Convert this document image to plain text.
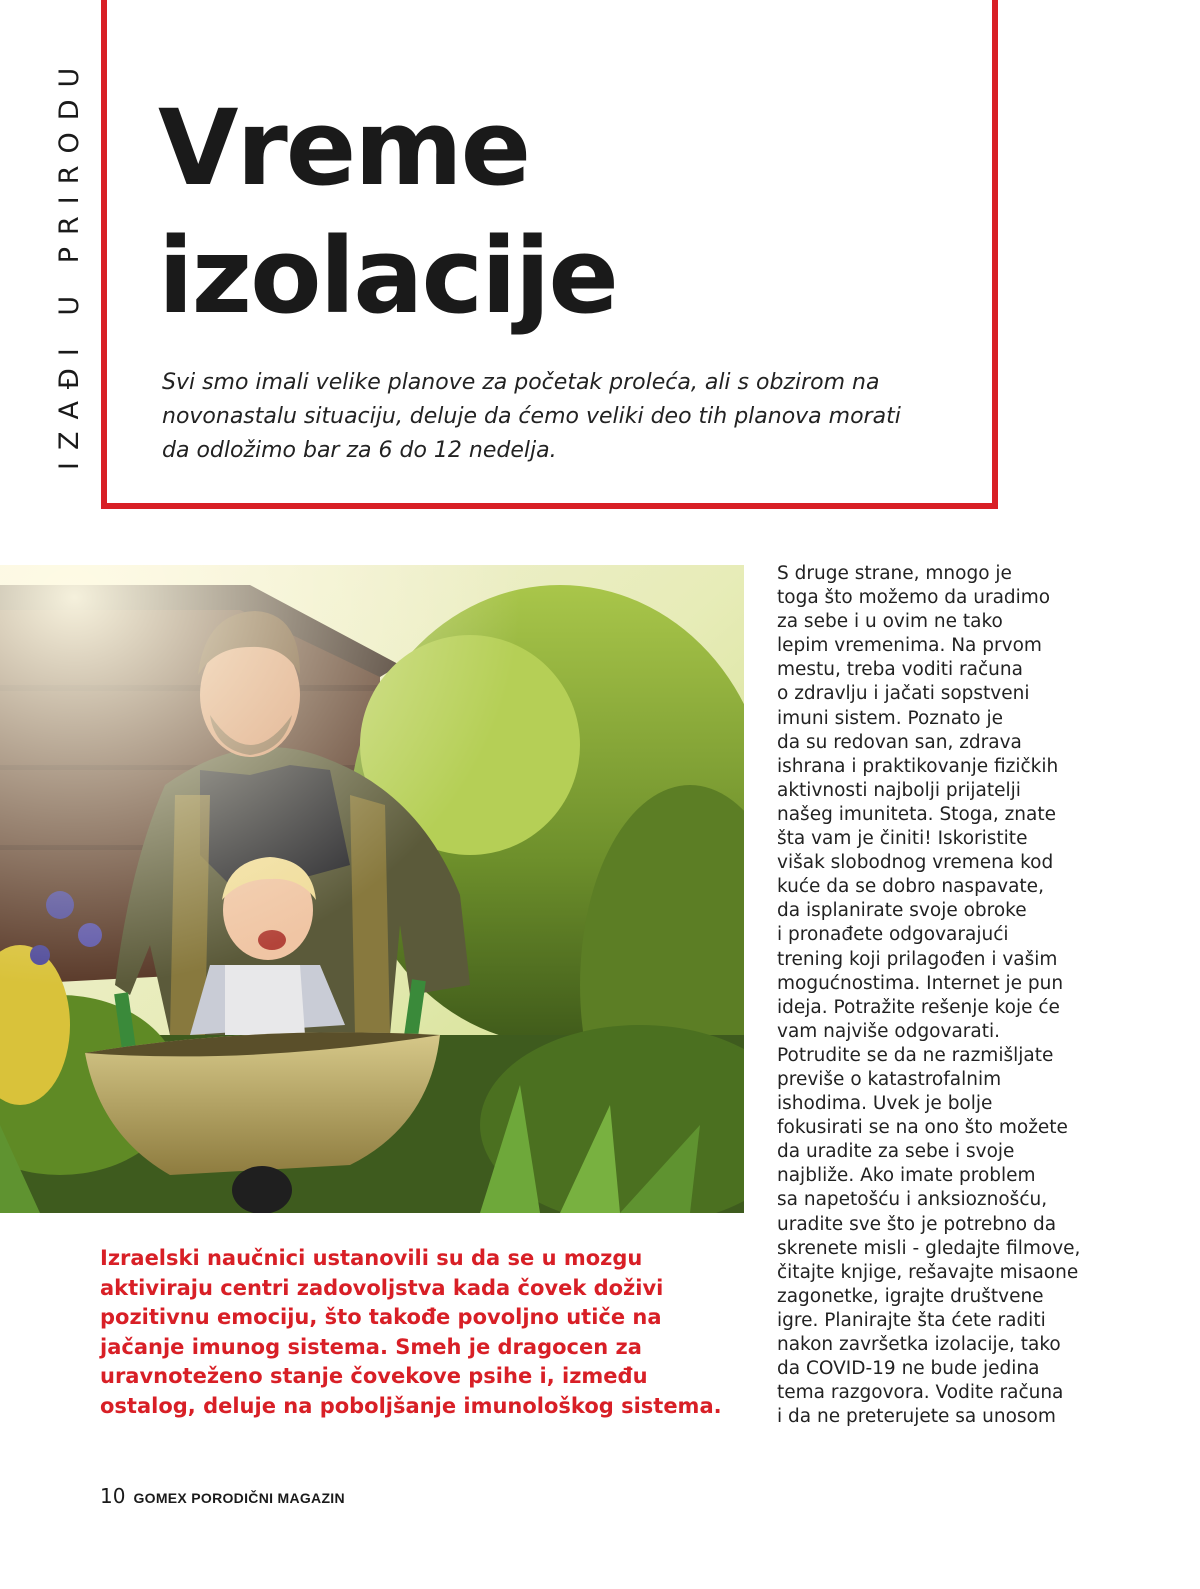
IZAĐI U PRIRODU Vreme
izolacije
Svi smo imali velike planove za početak proleća, ali s obzirom na
novonastalu situaciju, deluje da ćemo veliki deo tih planova morati
da odložimo bar za 6 do 12 nedelja.
Izraelski naučnici ustanovili su da se u mozgu
aktiviraju centri zadovoljstva kada čovek doživi
pozitivnu emociju, što takođe povoljno utiče na
jačanje imunog sistema. Smeh je dragocen za
uravnoteženo stanje čovekove psihe i, između
ostalog, deluje na poboljšanje imunološkog sistema.
S druge strane, mnogo je
toga što možemo da uradimo
za sebe i u ovim ne tako
lepim vremenima. Na prvom
mestu, treba voditi računa
o zdravlju i jačati sopstveni
imuni sistem. Poznato je
da su redovan san, zdrava
ishrana i praktikovanje fizičkih
aktivnosti najbolji prijatelji
našeg imuniteta. Stoga, znate
šta vam je činiti! Iskoristite
višak slobodnog vremena kod
kuće da se dobro naspavate,
da isplanirate svoje obroke
i pronađete odgovarajući
trening koji prilagođen i vašim
mogućnostima. Internet je pun
ideja. Potražite rešenje koje će
vam najviše odgovarati.
Potrudite se da ne razmišljate
previše o katastrofalnim
ishodima. Uvek je bolje
fokusirati se na ono što možete
da uradite za sebe i svoje
najbliže. Ako imate problem
sa napetošću i anksioznošću,
uradite sve što je potrebno da
skrenete misli - gledajte filmove,
čitajte knjige, rešavajte misaone
zagonetke, igrajte društvene
igre. Planirajte šta ćete raditi
nakon završetka izolacije, tako
da COVID-19 ne bude jedina
tema razgovora. Vodite računa
i da ne preterujete sa unosom
10 GOMEX PORODIČNI MAGAZIN
